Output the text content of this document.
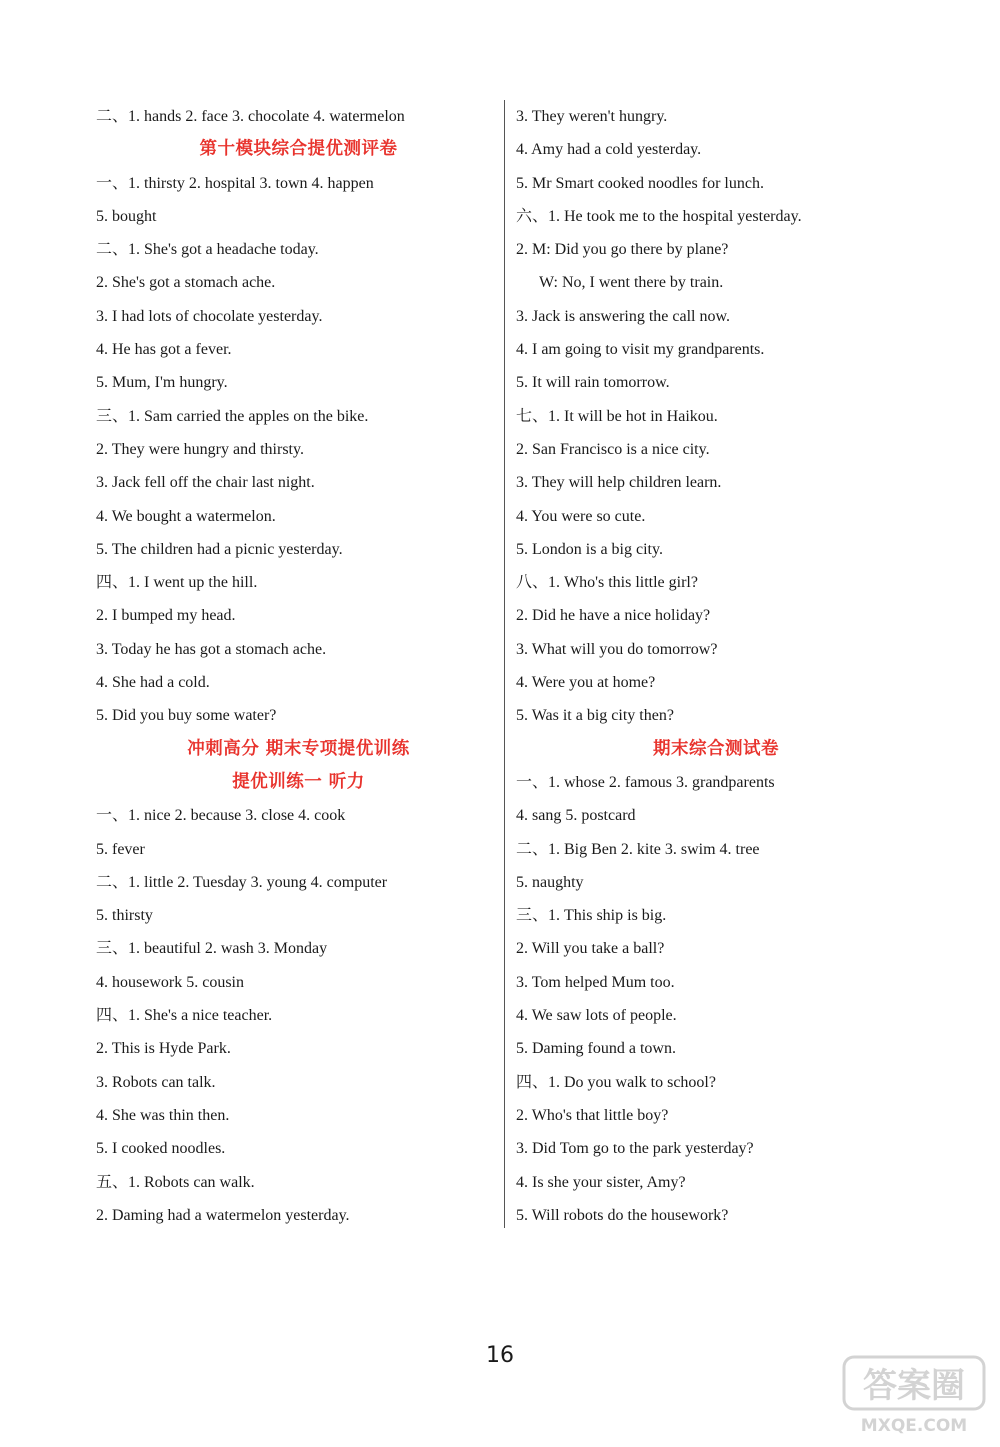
二、1. hands 2. face 3. chocolate 4. watermelon
第十模块综合提优测评卷
一、1. thirsty 2. hospital 3. town 4. happen
5. bought
二、1. She's got a headache today.
2. She's got a stomach ache.
3. I had lots of chocolate yesterday.
4. He has got a fever.
5. Mum, I'm hungry.
三、1. Sam carried the apples on the bike.
2. They were hungry and thirsty.
3. Jack fell off the chair last night.
4. We bought a watermelon.
5. The children had a picnic yesterday.
四、1. I went up the hill.
2. I bumped my head.
3. Today he has got a stomach ache.
4. She had a cold.
5. Did you buy some water?
冲刺高分 期末专项提优训练
提优训练一 听力
一、1. nice 2. because 3. close 4. cook
5. fever
二、1. little 2. Tuesday 3. young 4. computer
5. thirsty
三、1. beautiful 2. wash 3. Monday
4. housework 5. cousin
四、1. She's a nice teacher.
2. This is Hyde Park.
3. Robots can talk.
4. She was thin then.
5. I cooked noodles.
五、1. Robots can walk.
2. Daming had a watermelon yesterday.
3. They weren't hungry.
4. Amy had a cold yesterday.
5. Mr Smart cooked noodles for lunch.
六、1. He took me to the hospital yesterday.
2. M: Did you go there by plane?
W: No, I went there by train.
3. Jack is answering the call now.
4. I am going to visit my grandparents.
5. It will rain tomorrow.
七、1. It will be hot in Haikou.
2. San Francisco is a nice city.
3. They will help children learn.
4. You were so cute.
5. London is a big city.
八、1. Who's this little girl?
2. Did he have a nice holiday?
3. What will you do tomorrow?
4. Were you at home?
5. Was it a big city then?
期末综合测试卷
一、1. whose 2. famous 3. grandparents
4. sang 5. postcard
二、1. Big Ben 2. kite 3. swim 4. tree
5. naughty
三、1. This ship is big.
2. Will you take a ball?
3. Tom helped Mum too.
4. We saw lots of people.
5. Daming found a town.
四、1. Do you walk to school?
2. Who's that little boy?
3. Did Tom go to the park yesterday?
4. Is she your sister, Amy?
5. Will robots do the housework?
16
答案圈
MXQE.COM
